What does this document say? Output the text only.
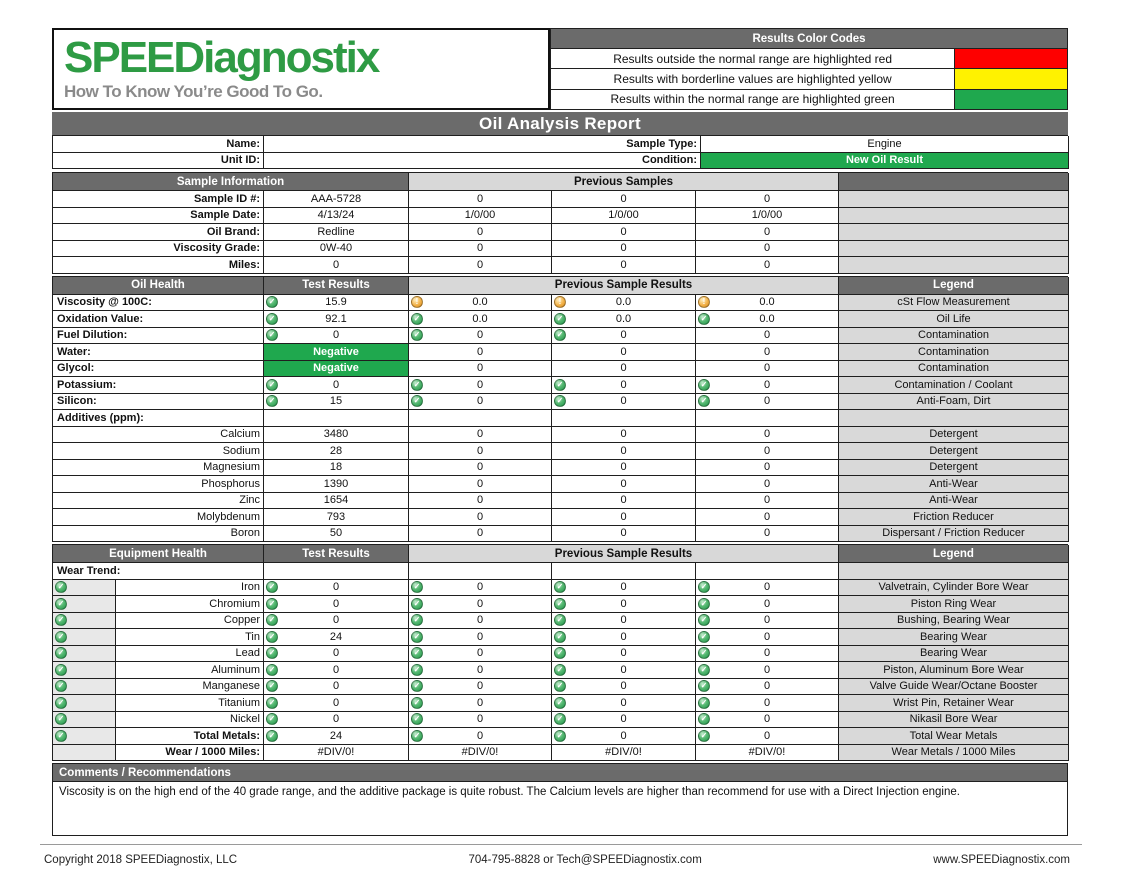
SPEEDiagnostix
How To Know You’re Good To Go.
Results Color Codes
Results outside the normal range are highlighted red
Results with borderline values are highlighted yellow
Results within the normal range are highlighted green
Oil Analysis Report
Name:	Sample Type:	Engine
Unit ID:	Condition:	New Oil Result
Sample Information	Previous Samples
Sample ID #:	AAA-5728	0	0	0
Sample Date:	4/13/24	1/0/00	1/0/00	1/0/00
Oil Brand:	Redline	0	0	0
Viscosity Grade:	0W-40	0	0	0
Miles:	0	0	0	0
Oil Health	Test Results	Previous Sample Results	Legend
Viscosity @ 100C:	✓	15.9	!	0.0	!	0.0	!	0.0	cSt Flow Measurement
Oxidation Value:	✓	92.1	✓	0.0	✓	0.0	✓	0.0	Oil Life
Fuel Dilution:	✓	0	✓	0	✓	0	0	Contamination
Water:	Negative	0	0	0	Contamination
Glycol:	Negative	0	0	0	Contamination
Potassium:	✓	0	✓	0	✓	0	✓	0	Contamination / Coolant
Silicon:	✓	15	✓	0	✓	0	✓	0	Anti-Foam, Dirt
Additives (ppm):
Calcium	3480	0	0	0	Detergent
Sodium	28	0	0	0	Detergent
Magnesium	18	0	0	0	Detergent
Phosphorus	1390	0	0	0	Anti-Wear
Zinc	1654	0	0	0	Anti-Wear
Molybdenum	793	0	0	0	Friction Reducer
Boron	50	0	0	0	Dispersant / Friction Reducer
Equipment Health	Test Results	Previous Sample Results	Legend
Wear Trend:
✓	Iron	✓	0	✓	0	✓	0	✓	0	Valvetrain, Cylinder Bore Wear
✓	Chromium	✓	0	✓	0	✓	0	✓	0	Piston Ring Wear
✓	Copper	✓	0	✓	0	✓	0	✓	0	Bushing, Bearing Wear
✓	Tin	✓	24	✓	0	✓	0	✓	0	Bearing Wear
✓	Lead	✓	0	✓	0	✓	0	✓	0	Bearing Wear
✓	Aluminum	✓	0	✓	0	✓	0	✓	0	Piston, Aluminum Bore Wear
✓	Manganese	✓	0	✓	0	✓	0	✓	0	Valve Guide Wear/Octane Booster
✓	Titanium	✓	0	✓	0	✓	0	✓	0	Wrist Pin, Retainer Wear
✓	Nickel	✓	0	✓	0	✓	0	✓	0	Nikasil Bore Wear
✓	Total Metals:	✓	24	✓	0	✓	0	✓	0	Total Wear Metals
Wear / 1000 Miles:	#DIV/0!	#DIV/0!	#DIV/0!	#DIV/0!	Wear Metals / 1000 Miles
Comments / Recommendations
Viscosity is on the high end of the 40 grade range, and the additive package is quite robust. The Calcium levels are higher than recommend for use with a Direct Injection engine.
Copyright 2018 SPEEDiagnostix, LLC	704-795-8828 or Tech@SPEEDiagnostix.com	www.SPEEDiagnostix.com
